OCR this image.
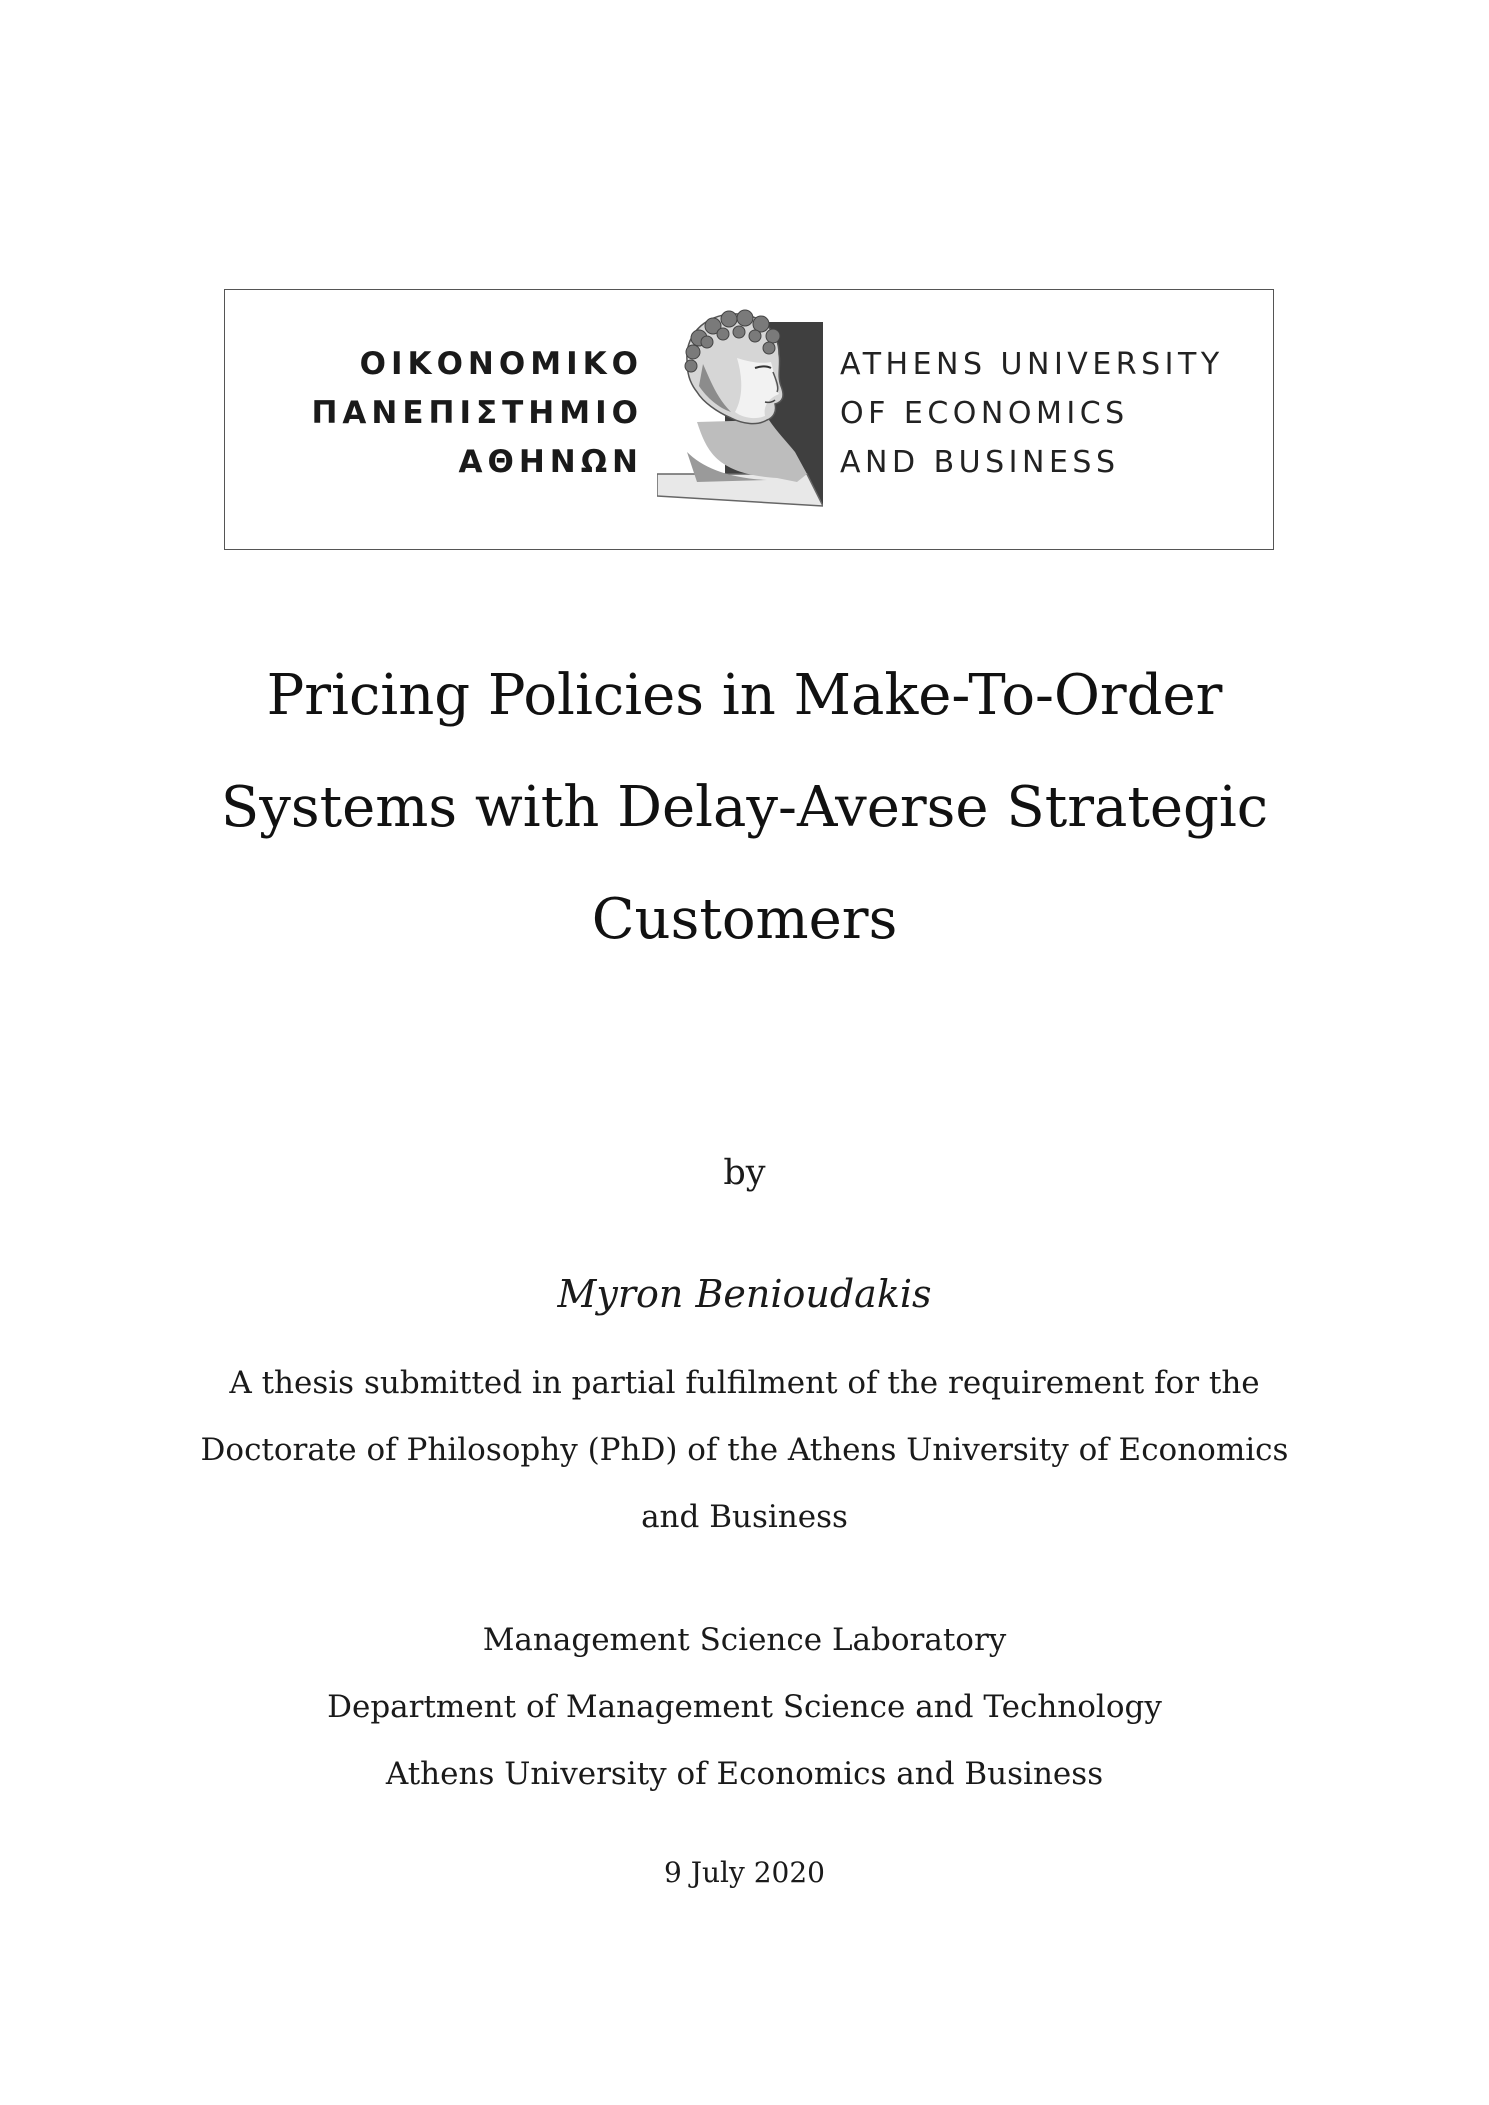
ΟΙΚΟΝΟΜΙΚΟ
ΠΑΝΕΠΙΣΤΗΜΙΟ
ΑΘΗΝΩΝ
ATHENS UNIVERSITY
OF ECONOMICS
AND BUSINESS
Pricing Policies in Make-To-Order
Systems with Delay-Averse Strategic
Customers
by
Myron Benioudakis
A thesis submitted in partial fulfilment of the requirement for the
Doctorate of Philosophy (PhD) of the Athens University of Economics
and Business
Management Science Laboratory
Department of Management Science and Technology
Athens University of Economics and Business
9 July 2020
